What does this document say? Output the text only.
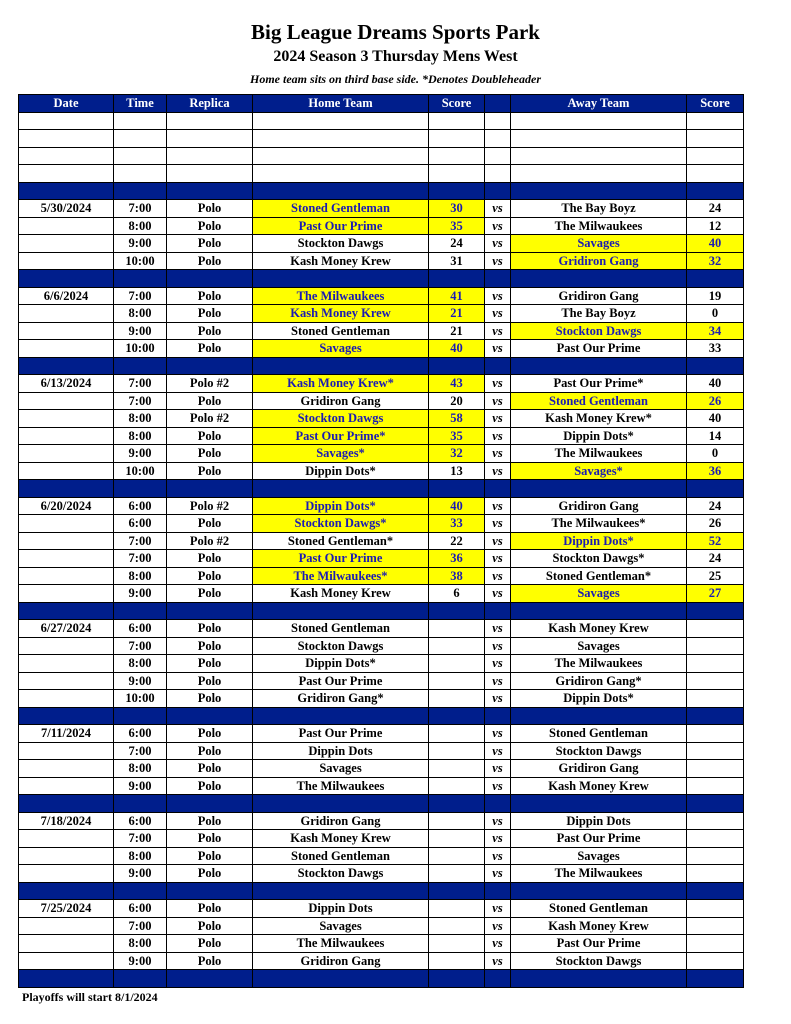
Big League Dreams Sports Park
2024 Season 3 Thursday Mens West
Home team sits on third base side. *Denotes Doubleheader
Date	Time	Replica	Home Team	Score		Away Team	Score

5/30/2024	7:00	Polo	Stoned Gentleman	30	vs	The Bay Boyz	24
	8:00	Polo	Past Our Prime	35	vs	The Milwaukees	12
	9:00	Polo	Stockton Dawgs	24	vs	Savages	40
	10:00	Polo	Kash Money Krew	31	vs	Gridiron Gang	32

6/6/2024	7:00	Polo	The Milwaukees	41	vs	Gridiron Gang	19
	8:00	Polo	Kash Money Krew	21	vs	The Bay Boyz	0
	9:00	Polo	Stoned Gentleman	21	vs	Stockton Dawgs	34
	10:00	Polo	Savages	40	vs	Past Our Prime	33

6/13/2024	7:00	Polo #2	Kash Money Krew*	43	vs	Past Our Prime*	40
	7:00	Polo	Gridiron Gang	20	vs	Stoned Gentleman	26
	8:00	Polo #2	Stockton Dawgs	58	vs	Kash Money Krew*	40
	8:00	Polo	Past Our Prime*	35	vs	Dippin Dots*	14
	9:00	Polo	Savages*	32	vs	The Milwaukees	0
	10:00	Polo	Dippin Dots*	13	vs	Savages*	36

6/20/2024	6:00	Polo #2	Dippin Dots*	40	vs	Gridiron Gang	24
	6:00	Polo	Stockton Dawgs*	33	vs	The Milwaukees*	26
	7:00	Polo #2	Stoned Gentleman*	22	vs	Dippin Dots*	52
	7:00	Polo	Past Our Prime	36	vs	Stockton Dawgs*	24
	8:00	Polo	The Milwaukees*	38	vs	Stoned Gentleman*	25
	9:00	Polo	Kash Money Krew	6	vs	Savages	27

6/27/2024	6:00	Polo	Stoned Gentleman		vs	Kash Money Krew	
	7:00	Polo	Stockton Dawgs		vs	Savages	
	8:00	Polo	Dippin Dots*		vs	The Milwaukees	
	9:00	Polo	Past Our Prime		vs	Gridiron Gang*	
	10:00	Polo	Gridiron Gang*		vs	Dippin Dots*	

7/11/2024	6:00	Polo	Past Our Prime		vs	Stoned Gentleman	
	7:00	Polo	Dippin Dots		vs	Stockton Dawgs	
	8:00	Polo	Savages		vs	Gridiron Gang	
	9:00	Polo	The Milwaukees		vs	Kash Money Krew	

7/18/2024	6:00	Polo	Gridiron Gang		vs	Dippin Dots	
	7:00	Polo	Kash Money Krew		vs	Past Our Prime	
	8:00	Polo	Stoned Gentleman		vs	Savages	
	9:00	Polo	Stockton Dawgs		vs	The Milwaukees	

7/25/2024	6:00	Polo	Dippin Dots		vs	Stoned Gentleman	
	7:00	Polo	Savages		vs	Kash Money Krew	
	8:00	Polo	The Milwaukees		vs	Past Our Prime	
	9:00	Polo	Gridiron Gang		vs	Stockton Dawgs	

Playoffs will start 8/1/2024
